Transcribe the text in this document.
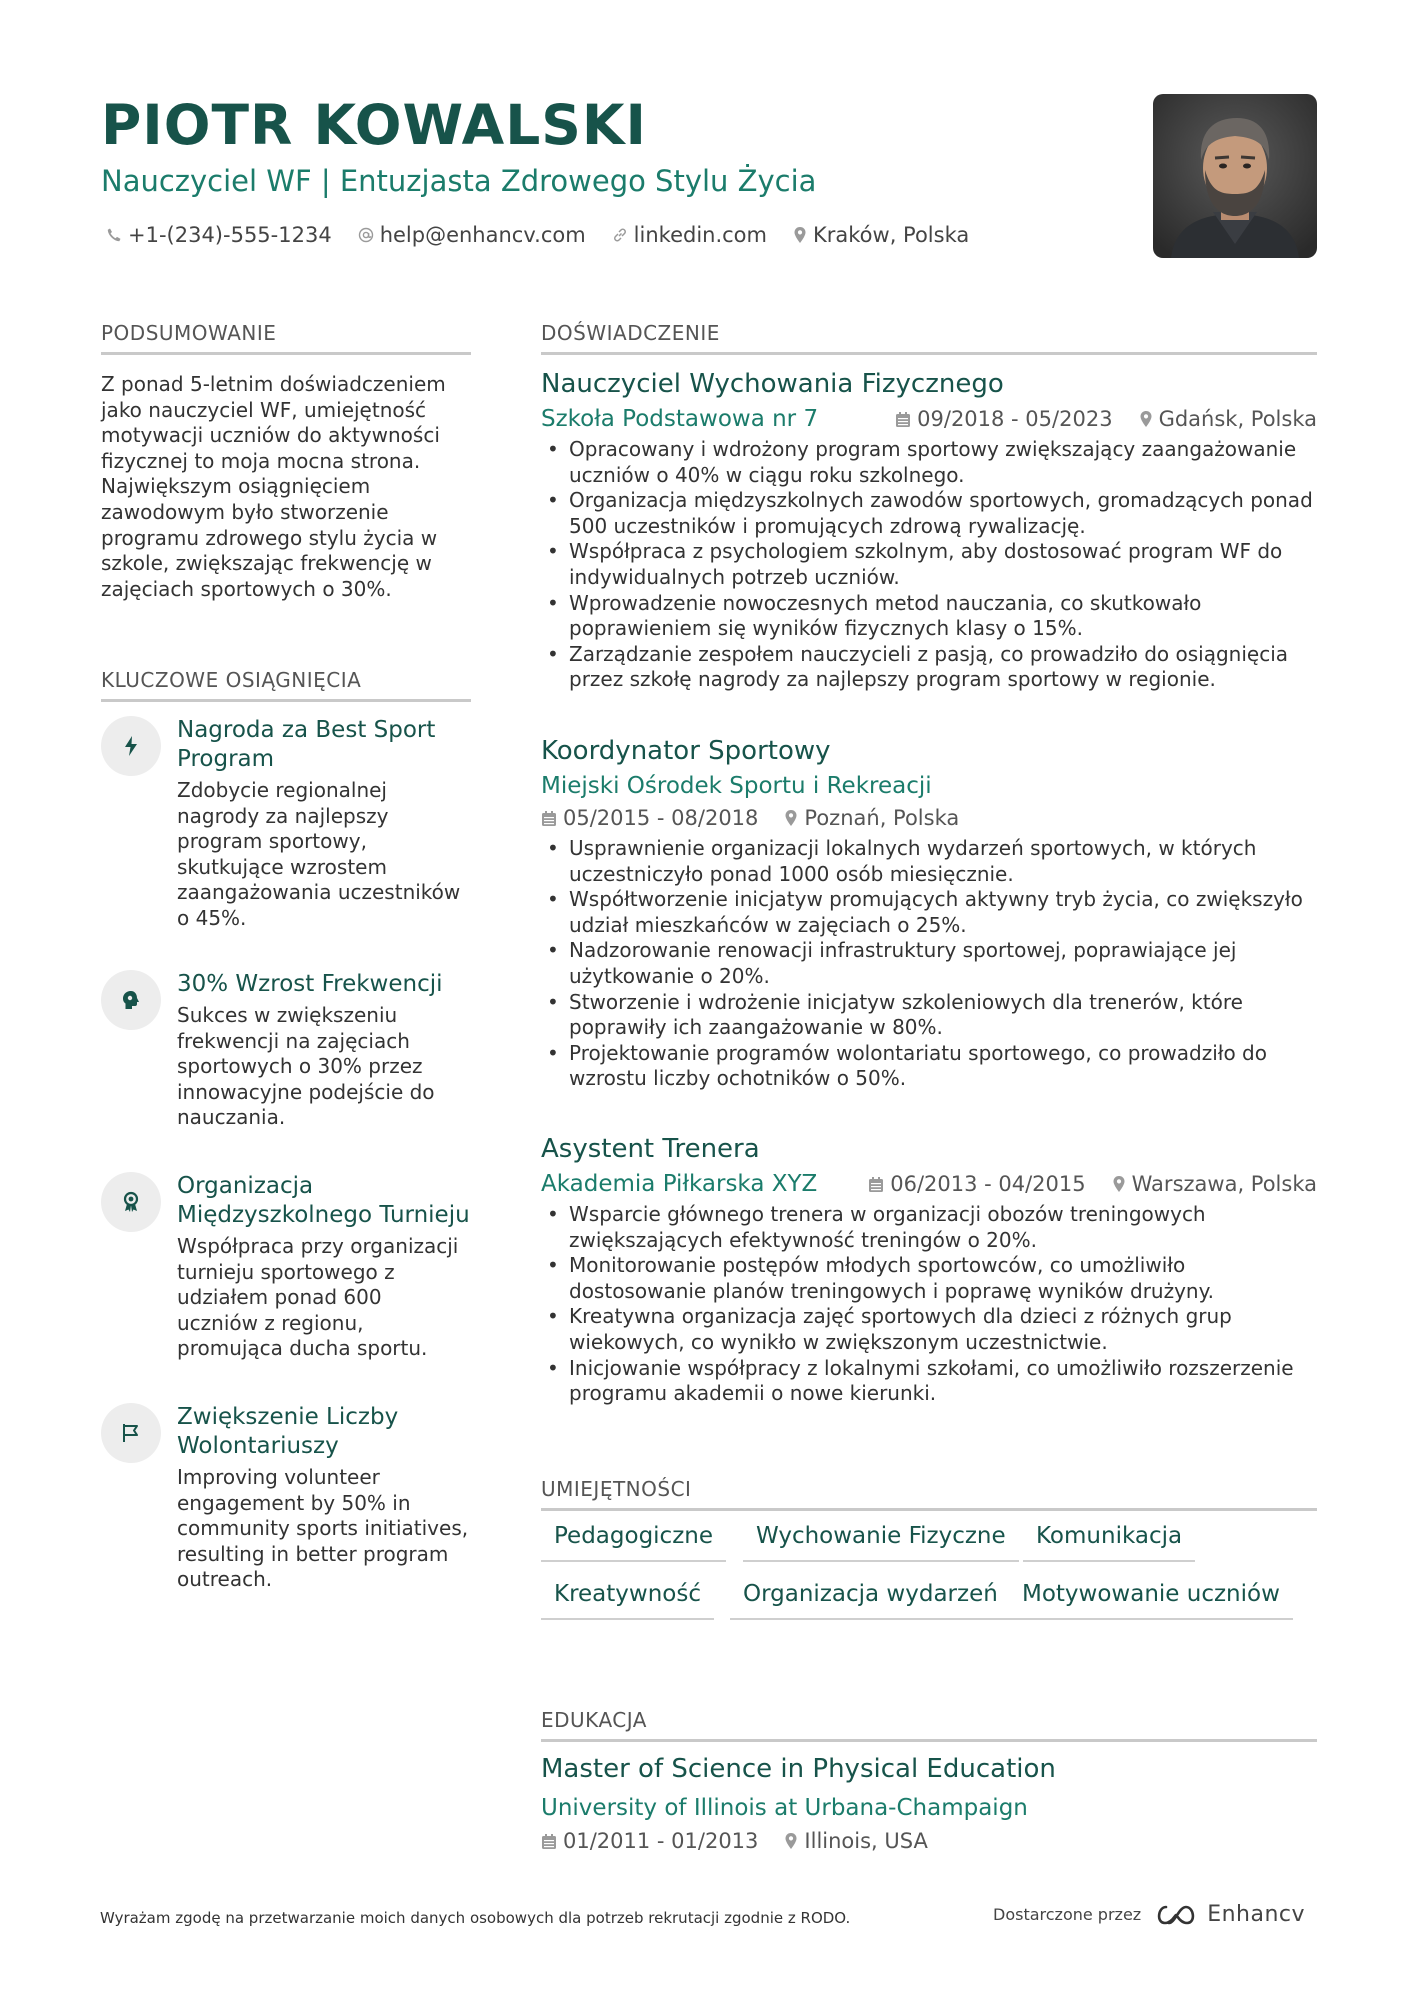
PIOTR KOWALSKI
Nauczyciel WF | Entuzjasta Zdrowego Stylu Życia
+1-(234)-555-1234 help@enhancv.com linkedin.com Kraków, Polska
PODSUMOWANIE
Z ponad 5-letnim doświadczeniem
jako nauczyciel WF, umiejętność
motywacji uczniów do aktywności
fizycznej to moja mocna strona.
Największym osiągnięciem
zawodowym było stworzenie
programu zdrowego stylu życia w
szkole, zwiększając frekwencję w
zajęciach sportowych o 30%.
KLUCZOWE OSIĄGNIĘCIA
Nagroda za Best Sport
Program
Zdobycie regionalnej
nagrody za najlepszy
program sportowy,
skutkujące wzrostem
zaangażowania uczestników
o 45%.
30% Wzrost Frekwencji
Sukces w zwiększeniu
frekwencji na zajęciach
sportowych o 30% przez
innowacyjne podejście do
nauczania.
Organizacja
Międzyszkolnego Turnieju
Współpraca przy organizacji
turnieju sportowego z
udziałem ponad 600
uczniów z regionu,
promująca ducha sportu.
Zwiększenie Liczby
Wolontariuszy
Improving volunteer
engagement by 50% in
community sports initiatives,
resulting in better program
outreach.
DOŚWIADCZENIE
Nauczyciel Wychowania Fizycznego
Szkoła Podstawowa nr 7	09/2018 - 05/2023 Gdańsk, Polska
• Opracowany i wdrożony program sportowy zwiększający zaangażowanie
uczniów o 40% w ciągu roku szkolnego.
• Organizacja międzyszkolnych zawodów sportowych, gromadzących ponad
500 uczestników i promujących zdrową rywalizację.
• Współpraca z psychologiem szkolnym, aby dostosować program WF do
indywidualnych potrzeb uczniów.
• Wprowadzenie nowoczesnych metod nauczania, co skutkowało
poprawieniem się wyników fizycznych klasy o 15%.
• Zarządzanie zespołem nauczycieli z pasją, co prowadziło do osiągnięcia
przez szkołę nagrody za najlepszy program sportowy w regionie.
Koordynator Sportowy
Miejski Ośrodek Sportu i Rekreacji
05/2015 - 08/2018 Poznań, Polska
• Usprawnienie organizacji lokalnych wydarzeń sportowych, w których
uczestniczyło ponad 1000 osób miesięcznie.
• Współtworzenie inicjatyw promujących aktywny tryb życia, co zwiększyło
udział mieszkańców w zajęciach o 25%.
• Nadzorowanie renowacji infrastruktury sportowej, poprawiające jej
użytkowanie o 20%.
• Stworzenie i wdrożenie inicjatyw szkoleniowych dla trenerów, które
poprawiły ich zaangażowanie w 80%.
• Projektowanie programów wolontariatu sportowego, co prowadziło do
wzrostu liczby ochotników o 50%.
Asystent Trenera
Akademia Piłkarska XYZ	06/2013 - 04/2015 Warszawa, Polska
• Wsparcie głównego trenera w organizacji obozów treningowych
zwiększających efektywność treningów o 20%.
• Monitorowanie postępów młodych sportowców, co umożliwiło
dostosowanie planów treningowych i poprawę wyników drużyny.
• Kreatywna organizacja zajęć sportowych dla dzieci z różnych grup
wiekowych, co wynikło w zwiększonym uczestnictwie.
• Inicjowanie współpracy z lokalnymi szkołami, co umożliwiło rozszerzenie
programu akademii o nowe kierunki.
UMIEJĘTNOŚCI
Pedagogiczne	Wychowanie Fizyczne	Komunikacja
Kreatywność	Organizacja wydarzeń	Motywowanie uczniów
EDUKACJA
Master of Science in Physical Education
University of Illinois at Urbana-Champaign
01/2011 - 01/2013 Illinois, USA
Wyrażam zgodę na przetwarzanie moich danych osobowych dla potrzeb rekrutacji zgodnie z RODO.	Dostarczone przez	Enhancv
